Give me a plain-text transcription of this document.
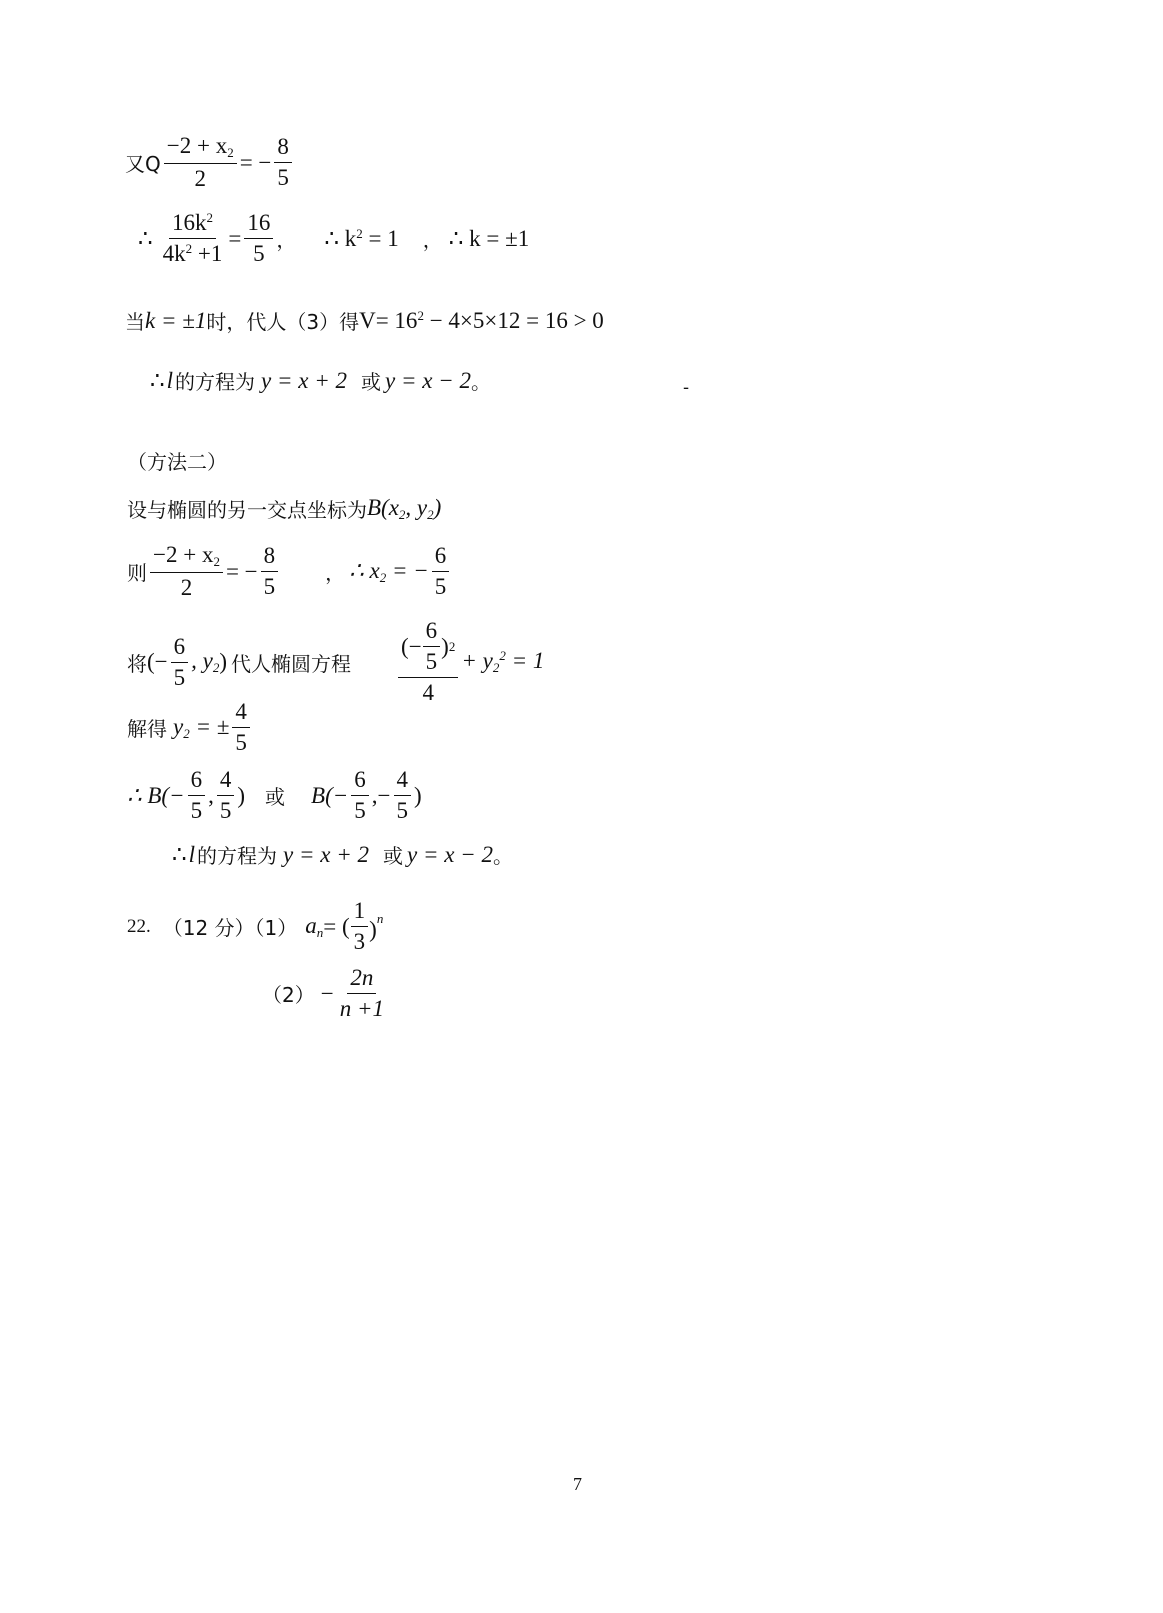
又Q $\frac{-2 + x_2}{2}$ = − $\frac{8}{5}$
∴ $\frac{16k^2}{4k^2 +1} = \frac{16}{5}$ ， ∴ $k^2 = 1$ ， ∴ k = ±1
当 k = ±1 时，代人（3）得 $V= 16^2 - 4\times 5\times 12 = 16 > 0$
∴ l 的方程为 y = x + 2 或 y = x − 2 。	-
（方法二）
设与椭圆的另一交点坐标为 $B(x_2$, $y_2$)
则 $\frac{-2 + x_2}{2}$ = − $\frac{8}{5}$ ， ∴ $x_2$ = − $\frac{6}{5}$
将 (− $\frac{6}{5}$ , $y_2$ ) 代人椭圆方程 $\frac{(- \frac{6}{5} ) 2}{4} + y_2^2 = 1$
解得 $y_2$ = ± $\frac{4}{5}$
∴ $B(- \frac{6}{5}$ , $\frac{4}{5}$ ) 或 $B(- \frac{6}{5}$ ,− $\frac{4}{5}$ )
∴ l 的方程为 y = x + 2 或 y = x − 2 。
22. （12 分）（1） $a_n$ = ( $\frac{1}{3} )^n$
$(2) - \frac{2n}{n +1}$
7
